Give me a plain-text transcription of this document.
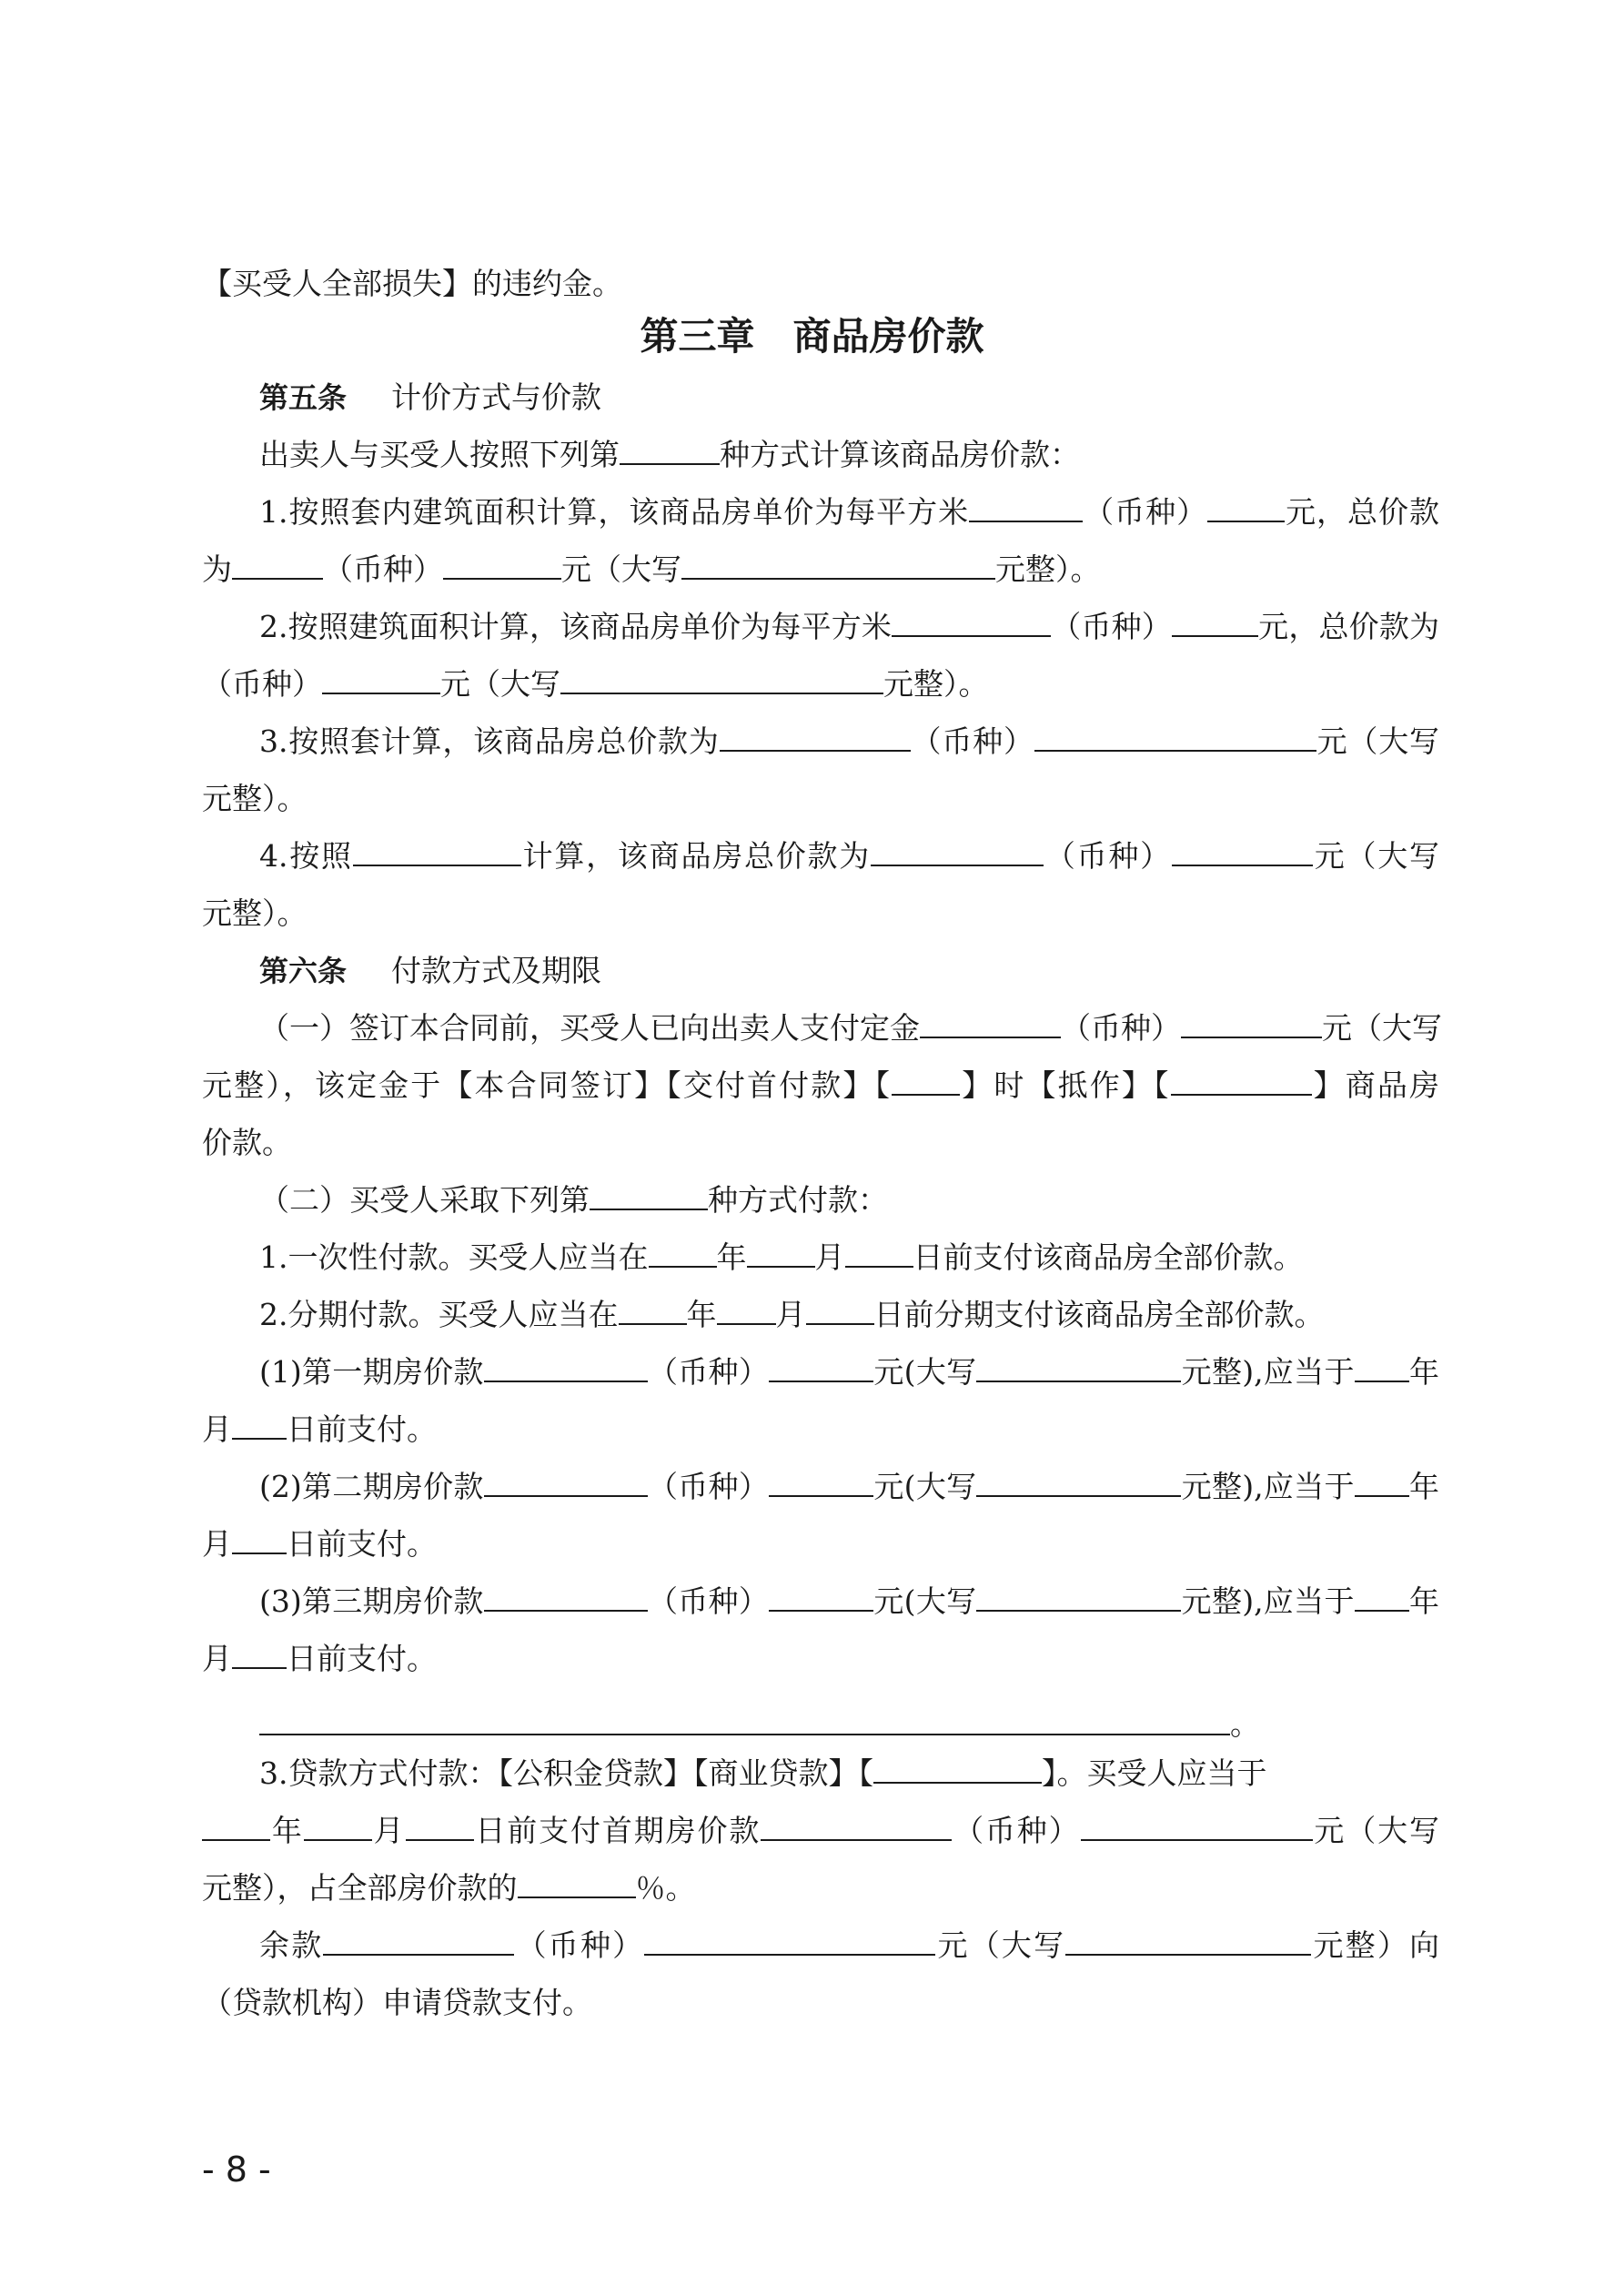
【买受人全部损失】的违约金。
第三章　商品房价款
第五条 计价方式与价款
出卖人与买受人按照下列第	种方式计算该商品房价款：
1.按照套内建筑面积计算，该商品房单价为每平方米	（币种）	元，总价款
为	（币种）	元（大写	元整）。
2.按照建筑面积计算，该商品房单价为每平方米	（币种）	元，总价款为
（币种）	元（大写	元整）。
3.按照套计算，该商品房总价款为	（币种）	元（大写
元整）。
4.按照	计算，该商品房总价款为	（币种）	元（大写
元整）。
第六条 付款方式及期限
（一）签订本合同前，买受人已向出卖人支付定金	（币种）	元（大写
元整），该定金于【本合同签订】【交付首付款】【 】时【抵作】【	】商品房
价款。
（二）买受人采取下列第	种方式付款：
1.一次性付款。买受人应当在 年 月 日前支付该商品房全部价款。
2.分期付款。买受人应当在 年 月 日前分期支付该商品房全部价款。
(1)第一期房价款	（币种）	元(大写	元整),应当于 年
月 日前支付。
(2)第二期房价款	（币种）	元(大写	元整),应当于 年
月 日前支付。
(3)第三期房价款	（币种）	元(大写	元整),应当于 年
月 日前支付。
。
3.贷款方式付款：【公积金贷款】【商业贷款】【	】。买受人应当于
年 月 日前支付首期房价款	（币种）	元（大写
元整），占全部房价款的	％。
余款	（币种）	元（大写	元整）向
（贷款机构）申请贷款支付。
- 8 -
